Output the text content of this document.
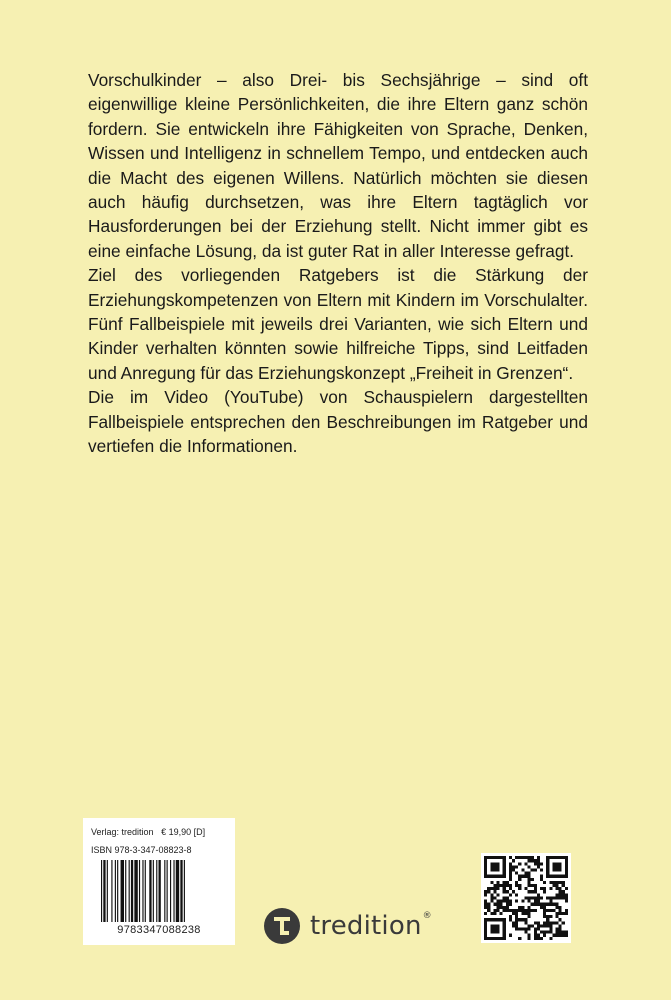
Vorschulkinder – also Drei- bis Sechsjährige – sind oft eigenwillige kleine Persönlichkeiten, die ihre Eltern ganz schön fordern. Sie entwickeln ihre Fähigkeiten von Sprache, Denken, Wissen und Intelligenz in schnellem Tempo, und entdecken auch die Macht des eigenen Willens. Natürlich möchten sie diesen auch häufig durchsetzen, was ihre Eltern tagtäglich vor Hausforderungen bei der Erziehung stellt. Nicht immer gibt es eine einfache Lösung, da ist guter Rat in aller Interesse gefragt.

Ziel des vorliegenden Ratgebers ist die Stärkung der Erziehungskompetenzen von Eltern mit Kindern im Vorschulalter. Fünf Fallbeispiele mit jeweils drei Varianten, wie sich Eltern und Kinder verhalten könnten sowie hilfreiche Tipps, sind Leitfaden und Anregung für das Erziehungskonzept „Freiheit in Grenzen“.

Die im Video (YouTube) von Schauspielern dargestellten Fallbeispiele entsprechen den Beschreibungen im Ratgeber und vertiefen die Informationen.

Verlag: tredition € 19,90 [D]
ISBN 978-3-347-08823-8
9783347088238	tredition®
